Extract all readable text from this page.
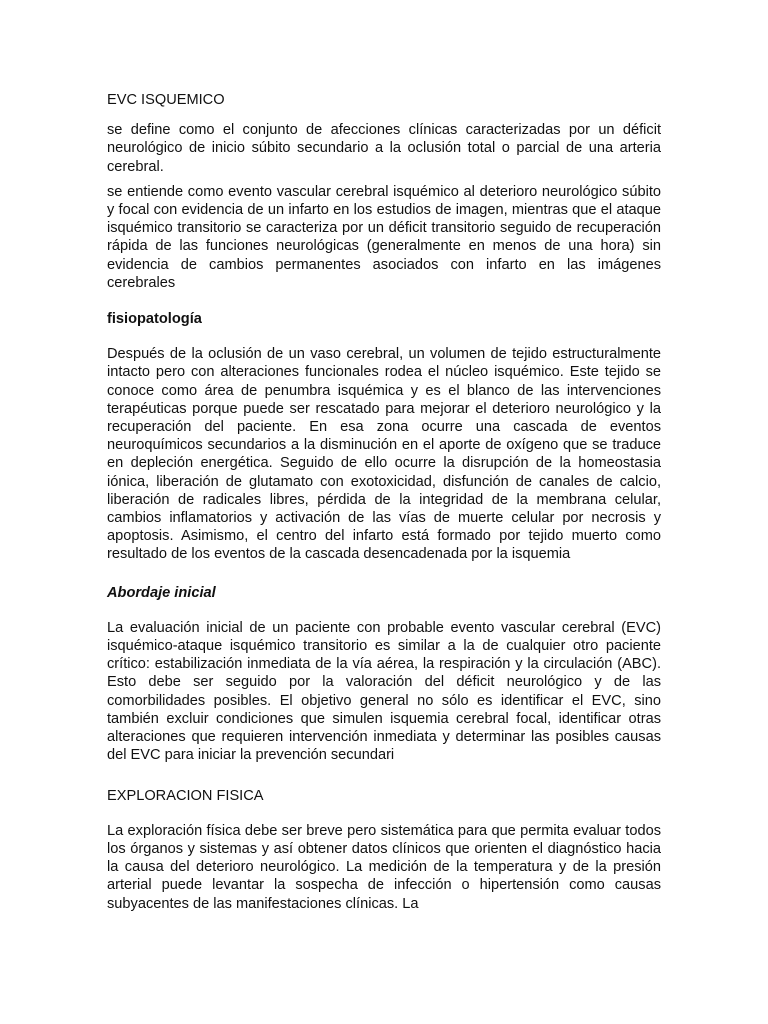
EVC ISQUEMICO

se define como el conjunto de afecciones clínicas caracterizadas por un déficit neurológico de inicio súbito secundario a la oclusión total o parcial de una arteria cerebral.

se entiende como evento vascular cerebral isquémico al deterioro neurológico súbito y focal con evidencia de un infarto en los estudios de imagen, mientras que el ataque isquémico transitorio se caracteriza por un déficit transitorio seguido de recuperación rápida de las funciones neurológicas (generalmente en menos de una hora) sin evidencia de cambios permanentes asociados con infarto en las imágenes cerebrales

fisiopatología

Después de la oclusión de un vaso cerebral, un volumen de tejido estructuralmente intacto pero con alteraciones funcionales rodea el núcleo isquémico. Este tejido se conoce como área de penumbra isquémica y es el blanco de las intervenciones terapéuticas porque puede ser rescatado para mejorar el deterioro neurológico y la recuperación del paciente. En esa zona ocurre una cascada de eventos neuroquímicos secundarios a la disminución en el aporte de oxígeno que se traduce en depleción energética. Seguido de ello ocurre la disrupción de la homeostasia iónica, liberación de glutamato con exotoxicidad, disfunción de canales de calcio, liberación de radicales libres, pérdida de la integridad de la membrana celular, cambios inflamatorios y activación de las vías de muerte celular por necrosis y apoptosis. Asimismo, el centro del infarto está formado por tejido muerto como resultado de los eventos de la cascada desencadenada por la isquemia

Abordaje inicial

La evaluación inicial de un paciente con probable evento vascular cerebral (EVC) isquémico-ataque isquémico transitorio es similar a la de cualquier otro paciente crítico: estabilización inmediata de la vía aérea, la respiración y la circulación (ABC). Esto debe ser seguido por la valoración del déficit neurológico y de las comorbilidades posibles. El objetivo general no sólo es identificar el EVC, sino también excluir condiciones que simulen isquemia cerebral focal, identificar otras alteraciones que requieren intervención inmediata y determinar las posibles causas del EVC para iniciar la prevención secundari

EXPLORACION FISICA

La exploración física debe ser breve pero sistemática para que permita evaluar todos los órganos y sistemas y así obtener datos clínicos que orienten el diagnóstico hacia la causa del deterioro neurológico. La medición de la temperatura y de la presión arterial puede levantar la sospecha de infección o hipertensión como causas subyacentes de las manifestaciones clínicas. La
